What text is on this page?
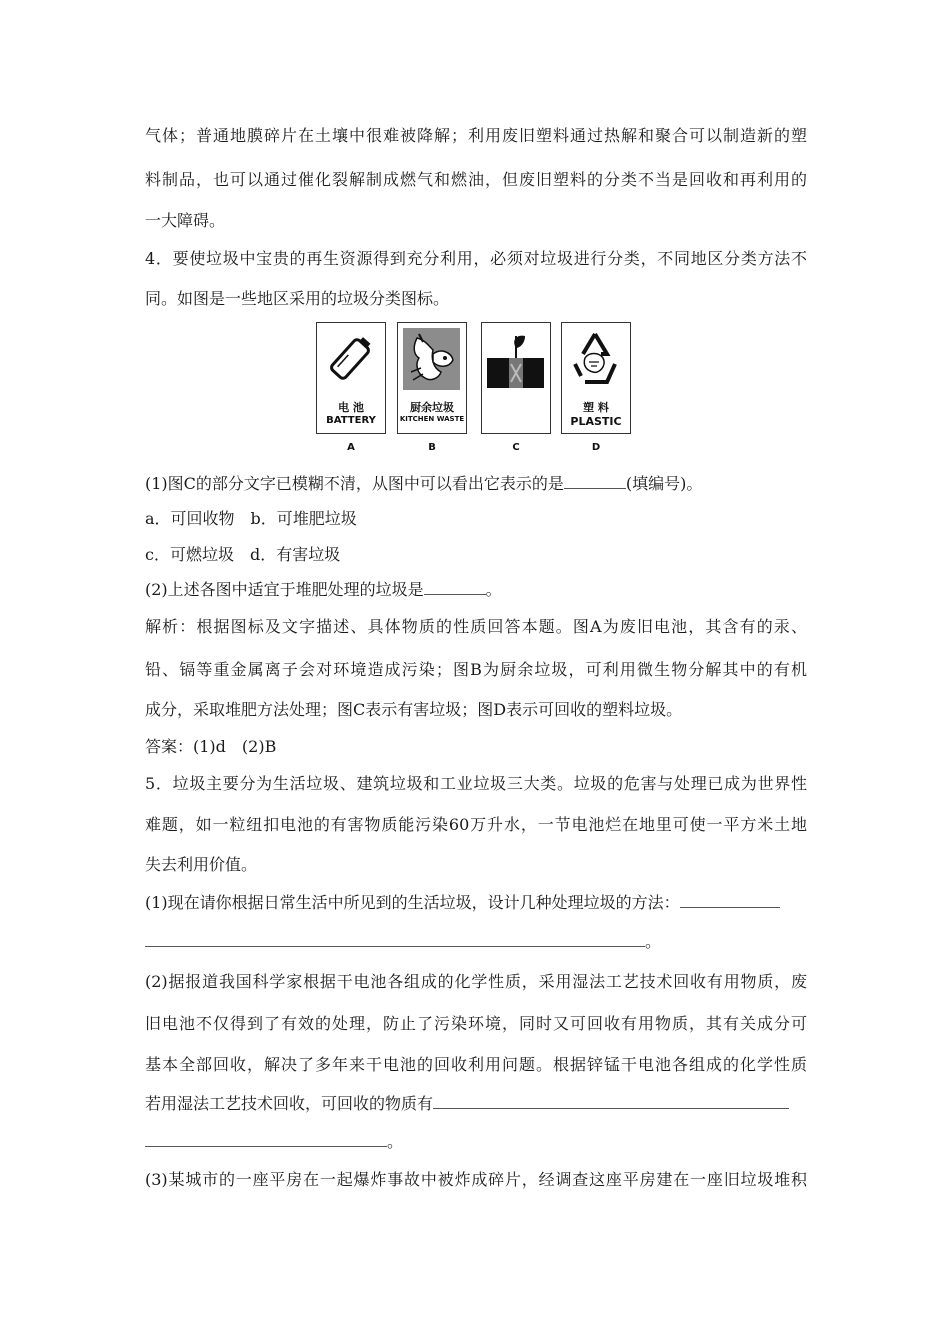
气体；普通地膜碎片在土壤中很难被降解；利用废旧塑料通过热解和聚合可以制造新的塑
料制品，也可以通过催化裂解制成燃气和燃油，但废旧塑料的分类不当是回收和再利用的
一大障碍。
4．要使垃圾中宝贵的再生资源得到充分利用，必须对垃圾进行分类，不同地区分类方法不
同。如图是一些地区采用的垃圾分类图标。
电 池
BATTERY
厨余垃圾
KITCHEN WASTE
塑 料
PLASTIC
A	B	C	D
(1)图C的部分文字已模糊不清，从图中可以看出它表示的是	(填编号)。
a．可回收物　b．可堆肥垃圾
c．可燃垃圾　d．有害垃圾
(2)上述各图中适宜于堆肥处理的垃圾是	。
解析：根据图标及文字描述、具体物质的性质回答本题。图A为废旧电池，其含有的汞、
铅、镉等重金属离子会对环境造成污染；图B为厨余垃圾，可利用微生物分解其中的有机
成分，采取堆肥方法处理；图C表示有害垃圾；图D表示可回收的塑料垃圾。
答案：(1)d　(2)B
5．垃圾主要分为生活垃圾、建筑垃圾和工业垃圾三大类。垃圾的危害与处理已成为世界性
难题，如一粒纽扣电池的有害物质能污染60万升水，一节电池烂在地里可使一平方米土地
失去利用价值。
(1)现在请你根据日常生活中所见到的生活垃圾，设计几种处理垃圾的方法：
。
(2)据报道我国科学家根据干电池各组成的化学性质，采用湿法工艺技术回收有用物质，废
旧电池不仅得到了有效的处理，防止了污染环境，同时又可回收有用物质，其有关成分可
基本全部回收，解决了多年来干电池的回收利用问题。根据锌锰干电池各组成的化学性质
若用湿法工艺技术回收，可回收的物质有
。
(3)某城市的一座平房在一起爆炸事故中被炸成碎片，经调查这座平房建在一座旧垃圾堆积
